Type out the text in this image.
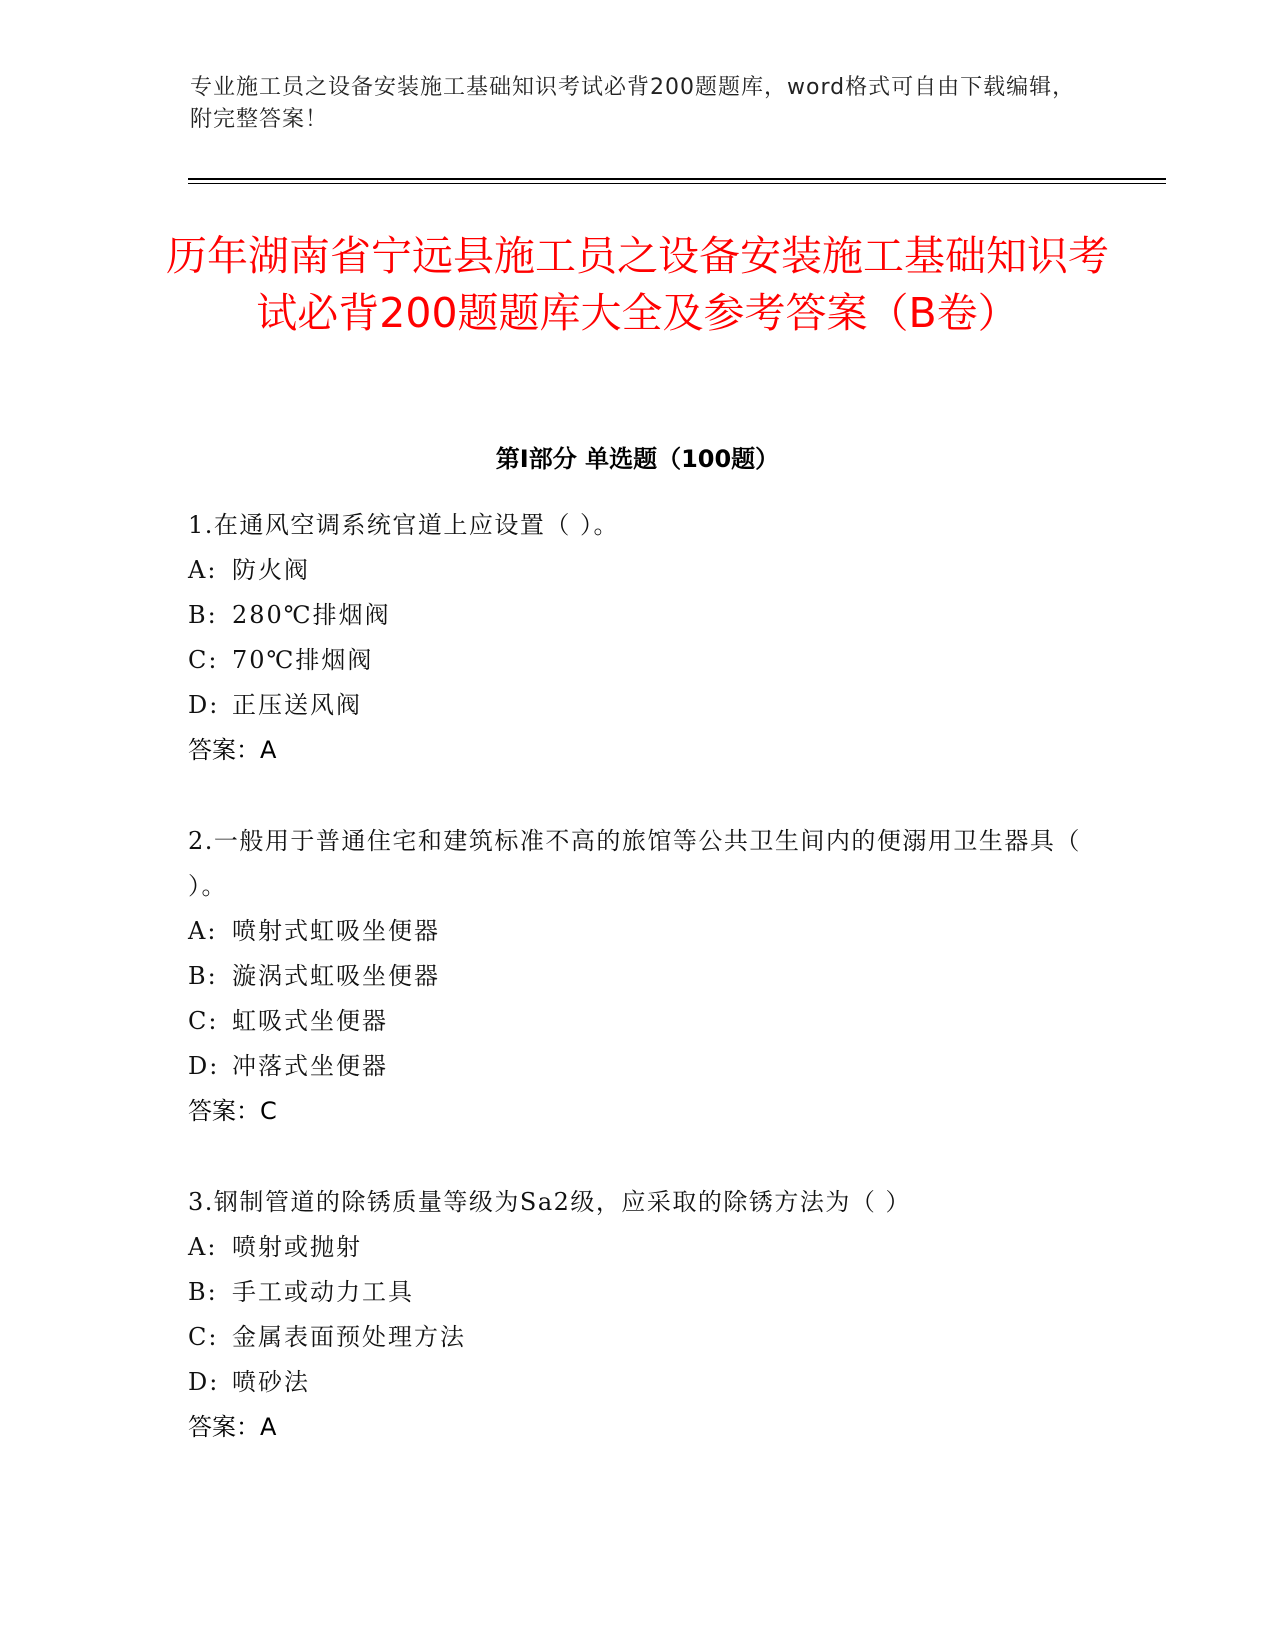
专业施工员之设备安装施工基础知识考试必背200题题库，word格式可自由下载编辑，附完整答案！
历年湖南省宁远县施工员之设备安装施工基础知识考试必背200题题库大全及参考答案（B卷）
第Ⅰ部分 单选题（100题）

1.在通风空调系统官道上应设置（ ）。

A: 防火阀

B: 280℃排烟阀

C: 70℃排烟阀

D: 正压送风阀

答案：A

2.一般用于普通住宅和建筑标准不高的旅馆等公共卫生间内的便溺用卫生器具（ ）。

A: 喷射式虹吸坐便器

B: 漩涡式虹吸坐便器

C: 虹吸式坐便器

D: 冲落式坐便器

答案：C

3.钢制管道的除锈质量等级为Sa2级，应采取的除锈方法为（ ）

A: 喷射或抛射

B: 手工或动力工具

C: 金属表面预处理方法

D: 喷砂法

答案：A
